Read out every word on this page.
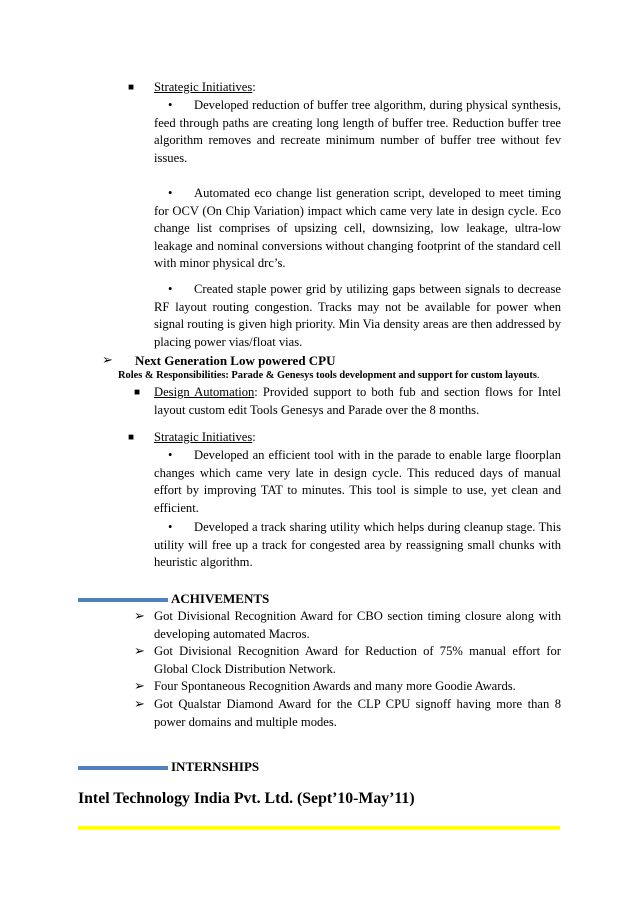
■ Strategic Initiatives:
• Developed reduction of buffer tree algorithm, during physical synthesis, feed through paths are creating long length of buffer tree. Reduction buffer tree algorithm removes and recreate minimum number of buffer tree without fev issues.
• Automated eco change list generation script, developed to meet timing for OCV (On Chip Variation) impact which came very late in design cycle. Eco change list comprises of upsizing cell, downsizing, low leakage, ultra-low leakage and nominal conversions without changing footprint of the standard cell with minor physical drc’s.
• Created staple power grid by utilizing gaps between signals to decrease RF layout routing congestion. Tracks may not be available for power when signal routing is given high priority. Min Via density areas are then addressed by placing power vias/float vias.
➢ Next Generation Low powered CPU
Roles & Responsibilities: Parade & Genesys tools development and support for custom layouts.
■ Design Automation: Provided support to both fub and section flows for Intel layout custom edit Tools Genesys and Parade over the 8 months.
■ Stratagic Initiatives:
• Developed an efficient tool with in the parade to enable large floorplan changes which came very late in design cycle. This reduced days of manual effort by improving TAT to minutes. This tool is simple to use, yet clean and efficient.
• Developed a track sharing utility which helps during cleanup stage. This utility will free up a track for congested area by reassigning small chunks with heuristic algorithm.
ACHIVEMENTS
➢ Got Divisional Recognition Award for CBO section timing closure along with developing automated Macros.
➢ Got Divisional Recognition Award for Reduction of 75% manual effort for Global Clock Distribution Network.
➢ Four Spontaneous Recognition Awards and many more Goodie Awards.
➢ Got Qualstar Diamond Award for the CLP CPU signoff having more than 8 power domains and multiple modes.
INTERNSHIPS
Intel Technology India Pvt. Ltd. (Sept’10-May’11)
